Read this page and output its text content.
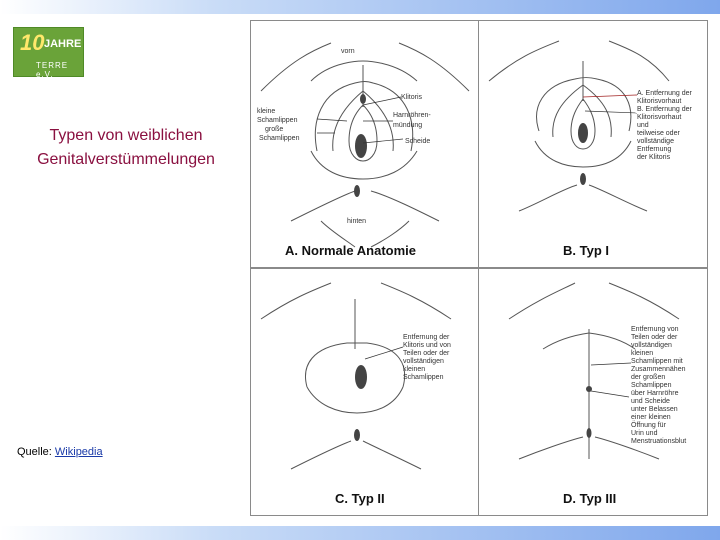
10 JAHRE
TERRE e.V.
Typen von weiblichen
Genitalverstümmelungen
Quelle: Wikipedia
vorn
Klitoris
Harnröhren-
mündung
Scheide
kleine
Schamlippen
große
Schamlippen
hinten
A. Normale Anatomie
A. Entfernung der
Klitorisvorhaut
B. Entfernung der
Klitorisvorhaut
und
teilweise oder
vollständige
Entfernung
der Klitoris
B. Typ I
Entfernung der
Klitoris und von
Teilen oder der
vollständigen
kleinen
Schamlippen
C. Typ II
Entfernung von
Teilen oder der
vollständigen
kleinen
Schamlippen mit
Zusammennähen
der großen
Schamlippen
über Harnröhre
und Scheide
unter Belassen
einer kleinen
Öffnung für
Urin und
Menstruationsblut
D. Typ III
